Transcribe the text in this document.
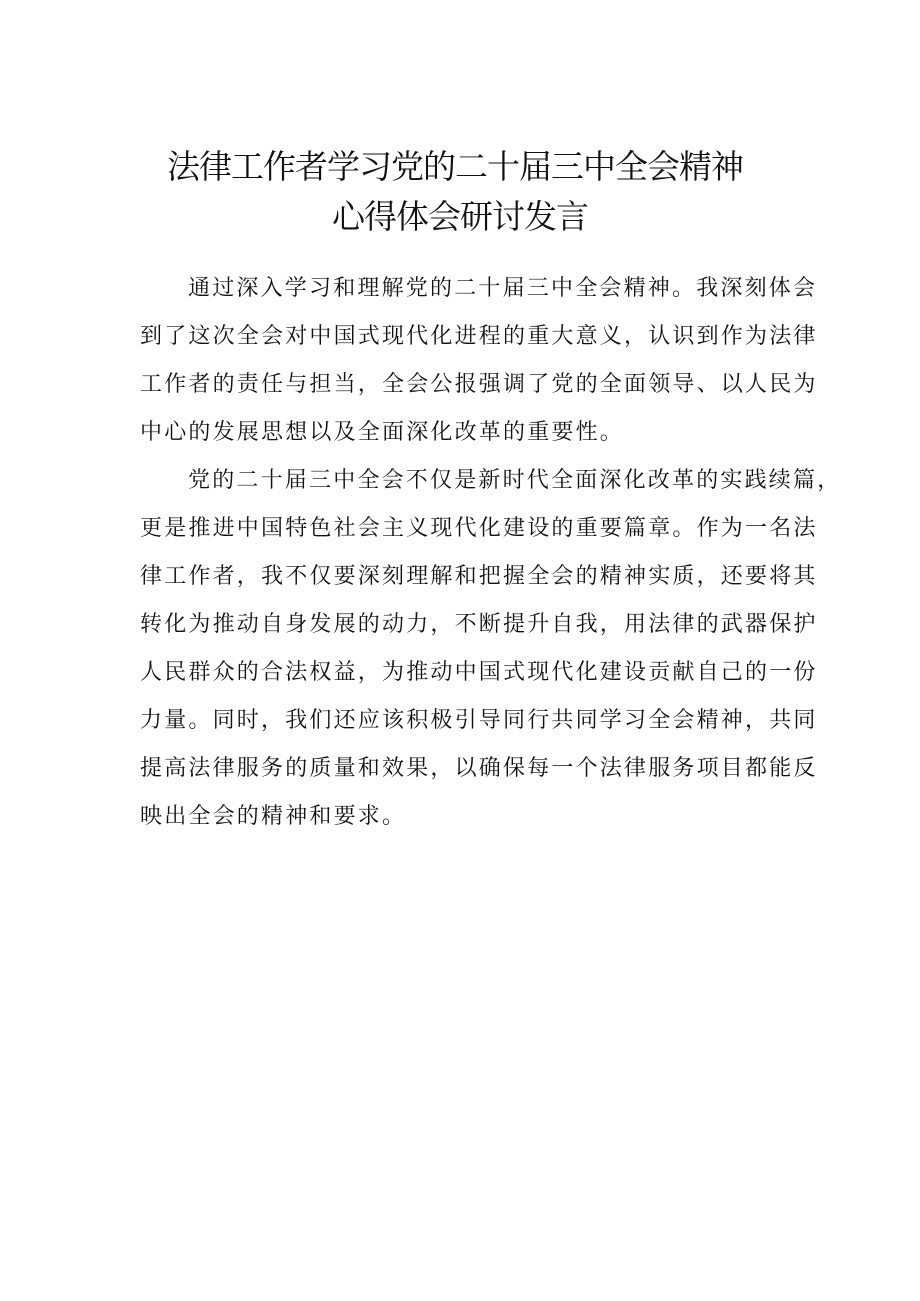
法律工作者学习党的二十届三中全会精神
心得体会研讨发言

通过深入学习和理解党的二十届三中全会精神。我深刻体会
到了这次全会对中国式现代化进程的重大意义，认识到作为法律
工作者的责任与担当，全会公报强调了党的全面领导、以人民为
中心的发展思想以及全面深化改革的重要性。

党的二十届三中全会不仅是新时代全面深化改革的实践续篇，
更是推进中国特色社会主义现代化建设的重要篇章。作为一名法
律工作者，我不仅要深刻理解和把握全会的精神实质，还要将其
转化为推动自身发展的动力，不断提升自我，用法律的武器保护
人民群众的合法权益，为推动中国式现代化建设贡献自己的一份
力量。同时，我们还应该积极引导同行共同学习全会精神，共同
提高法律服务的质量和效果，以确保每一个法律服务项目都能反
映出全会的精神和要求。
